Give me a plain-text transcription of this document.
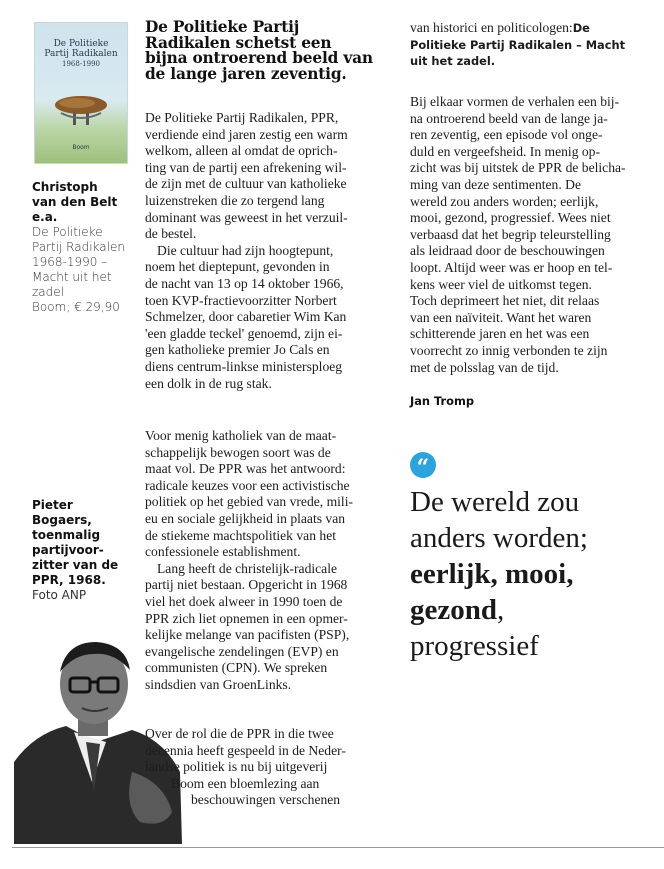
De Politieke
Partij Radikalen
1968-1990
Boom
Christoph
van den Belt
e.a.
De Politieke
Partij Radikalen
1968-1990 –
Macht uit het
zadel
Boom; € 29,90
Pieter
Bogaers,
toenmalig
partijvoor-
zitter van de
PPR, 1968.
Foto ANP
De Politieke Partij
Radikalen schetst een
bijna ontroerend beeld van
de lange jaren zeventig.
De Politieke Partij Radikalen, PPR,
verdiende eind jaren zestig een warm
welkom, alleen al omdat de oprich-
ting van de partij een afrekening wil-
de zijn met de cultuur van katholieke
luizenstreken die zo tergend lang
dominant was geweest in het verzuil-
de bestel.
Die cultuur had zijn hoogtepunt,
noem het dieptepunt, gevonden in
de nacht van 13 op 14 oktober 1966,
toen KVP-fractievoorzitter Norbert
Schmelzer, door cabaretier Wim Kan
'een gladde teckel' genoemd, zijn ei-
gen katholieke premier Jo Cals en
diens centrum-linkse ministersploeg
een dolk in de rug stak.
Voor menig katholiek van de maat-
schappelijk bewogen soort was de
maat vol. De PPR was het antwoord:
radicale keuzes voor een activistische
politiek op het gebied van vrede, mili-
eu en sociale gelijkheid in plaats van
de stiekeme machtspolitiek van het
confessionele establishment.
Lang heeft de christelijk-radicale
partij niet bestaan. Opgericht in 1968
viel het doek alweer in 1990 toen de
PPR zich liet opnemen in een opmer-
kelijke melange van pacifisten (PSP),
evangelische zendelingen (EVP) en
communisten (CPN). We spreken
sindsdien van GroenLinks.
Over de rol die de PPR in die twee
decennia heeft gespeeld in de Neder-
landse politiek is nu bij uitgeverij
Boom een bloemlezing aan
beschouwingen verschenen
van historici en politicologen:De
Politieke Partij Radikalen – Macht
uit het zadel.
Bij elkaar vormen de verhalen een bij-
na ontroerend beeld van de lange ja-
ren zeventig, een episode vol onge-
duld en vergeefsheid. In menig op-
zicht was bij uitstek de PPR de belicha-
ming van deze sentimenten. De
wereld zou anders worden; eerlijk,
mooi, gezond, progressief. Wees niet
verbaasd dat het begrip teleurstelling
als leidraad door de beschouwingen
loopt. Altijd weer was er hoop en tel-
kens weer viel de uitkomst tegen.
Toch deprimeert het niet, dit relaas
van een naïviteit. Want het waren
schitterende jaren en het was een
voorrecht zo innig verbonden te zijn
met de polsslag van de tijd.
Jan Tromp
“
De wereld zou
anders worden;
eerlijk, mooi,
gezond,
progressief
